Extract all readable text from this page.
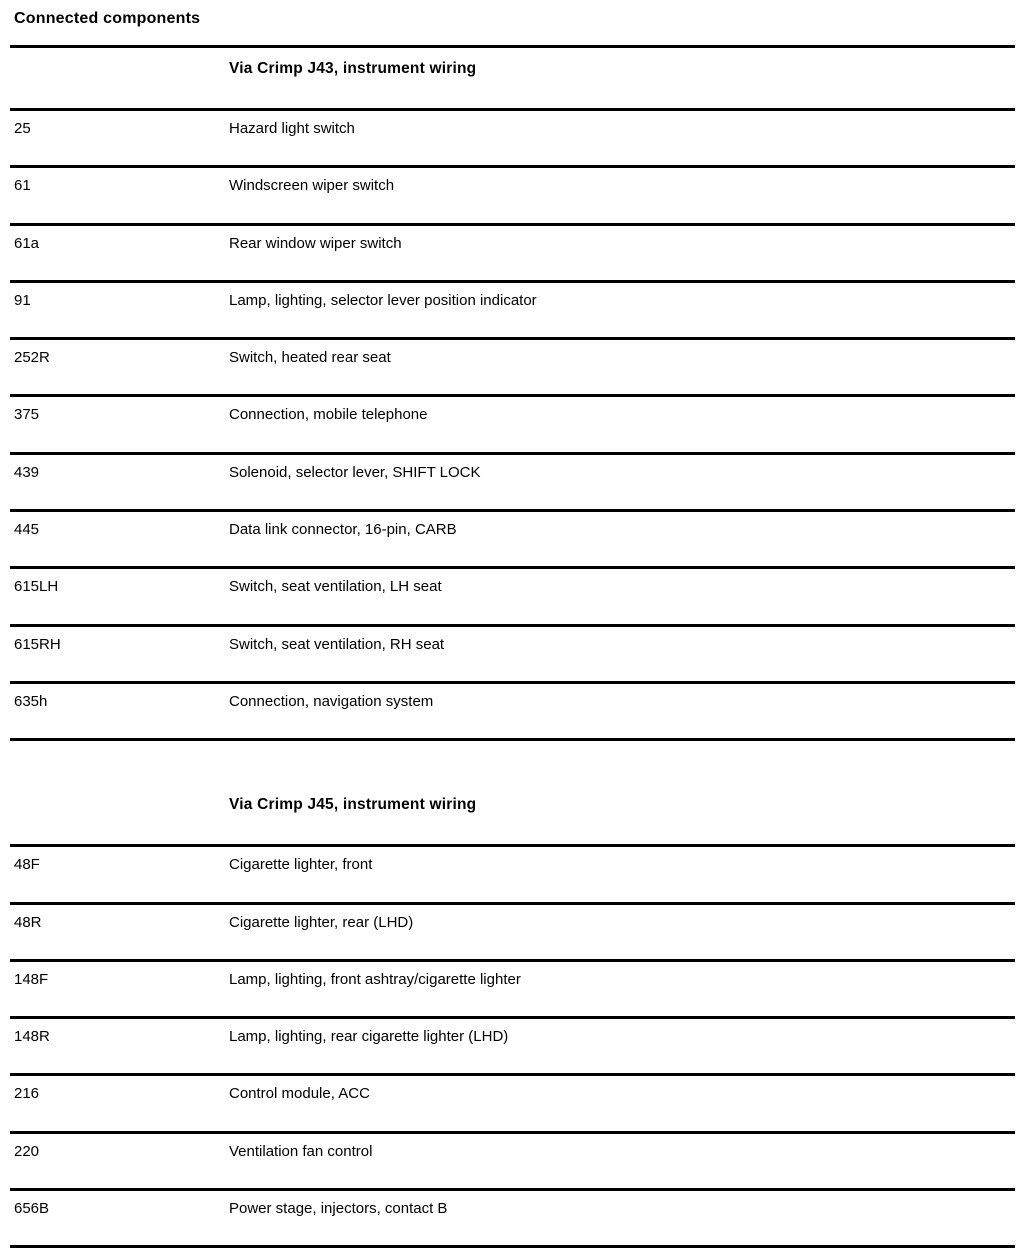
Connected components
Via Crimp J43, instrument wiring
25	Hazard light switch
61	Windscreen wiper switch
61a	Rear window wiper switch
91	Lamp, lighting, selector lever position indicator
252R	Switch, heated rear seat
375	Connection, mobile telephone
439	Solenoid, selector lever, SHIFT LOCK
445	Data link connector, 16-pin, CARB
615LH	Switch, seat ventilation, LH seat
615RH	Switch, seat ventilation, RH seat
635h	Connection, navigation system
Via Crimp J45, instrument wiring
48F	Cigarette lighter, front
48R	Cigarette lighter, rear (LHD)
148F	Lamp, lighting, front ashtray/cigarette lighter
148R	Lamp, lighting, rear cigarette lighter (LHD)
216	Control module, ACC
220	Ventilation fan control
656B	Power stage, injectors, contact B
